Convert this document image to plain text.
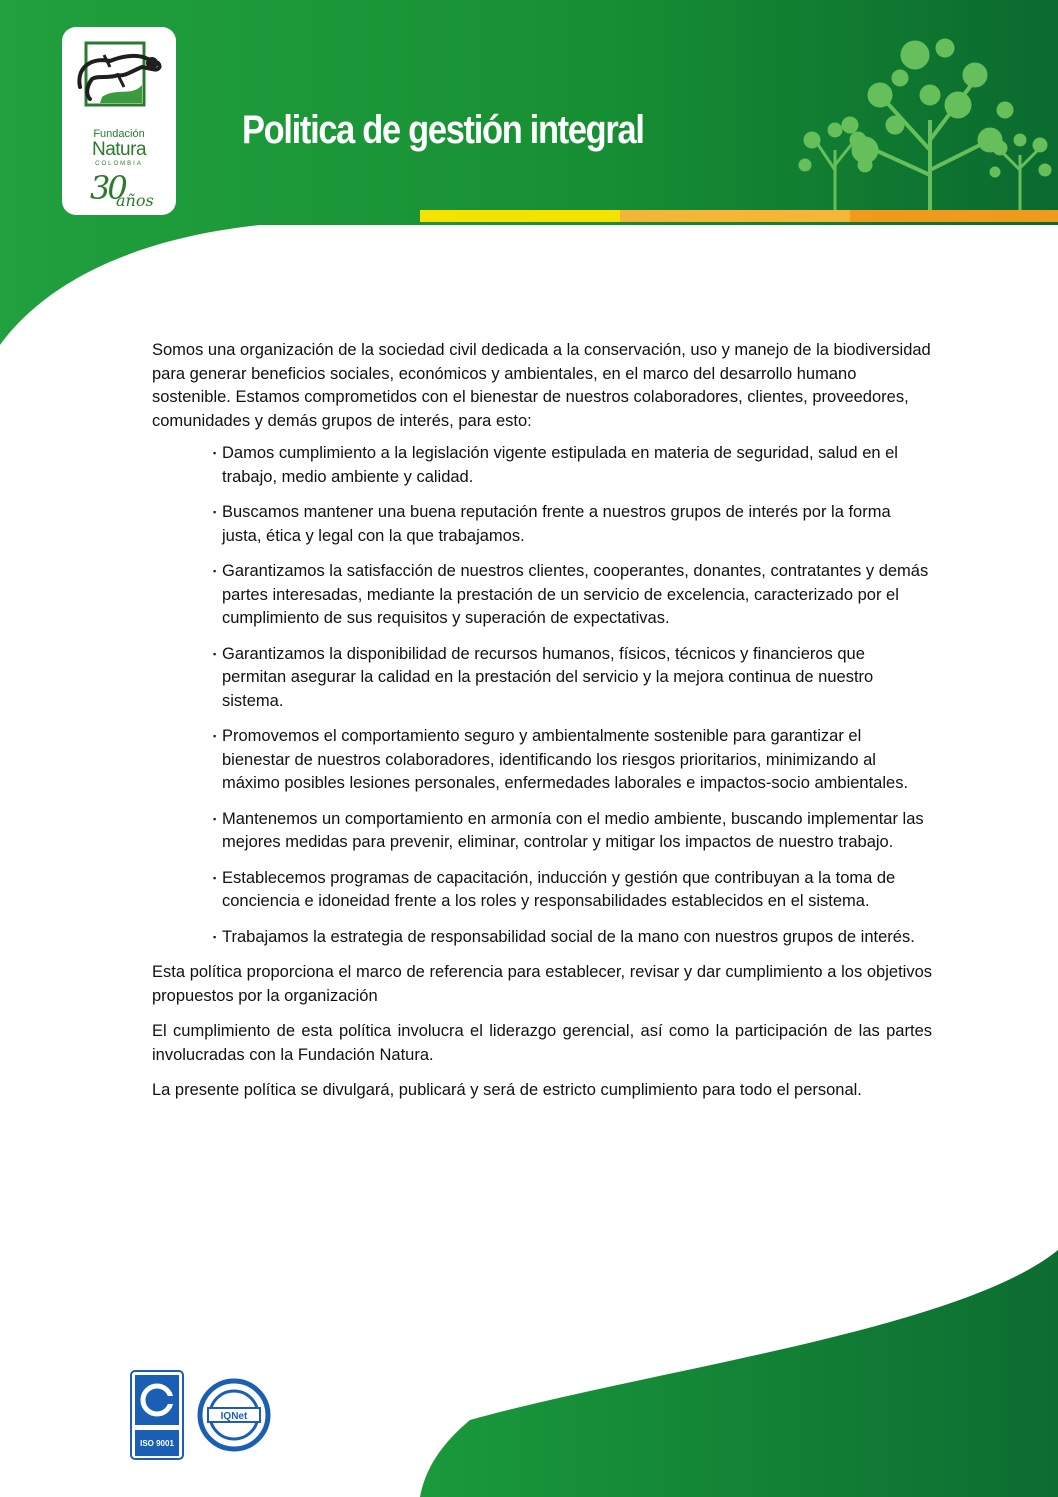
Fundación
Natura
COLOMBIA
30
años
Politica de gestión integral

Somos una organización de la sociedad civil dedicada a la conservación, uso y manejo de la biodiversidad para generar beneficios sociales, económicos y ambientales, en el marco del desarrollo humano sostenible. Estamos comprometidos con el bienestar de nuestros colaboradores, clientes, proveedores, comunidades y demás grupos de interés, para esto:

▪ Damos cumplimiento a la legislación vigente estipulada en materia de seguridad, salud en el trabajo, medio ambiente y calidad.
▪ Buscamos mantener una buena reputación frente a nuestros grupos de interés por la forma justa, ética y legal con la que trabajamos.
▪ Garantizamos la satisfacción de nuestros clientes, cooperantes, donantes, contratantes y demás partes interesadas, mediante la prestación de un servicio de excelencia, caracterizado por el cumplimiento de sus requisitos y superación de expectativas.
▪ Garantizamos la disponibilidad de recursos humanos, físicos, técnicos y financieros que permitan asegurar la calidad en la prestación del servicio y la mejora continua de nuestro sistema.
▪ Promovemos el comportamiento seguro y ambientalmente sostenible para garantizar el bienestar de nuestros colaboradores, identificando los riesgos prioritarios, minimizando al máximo posibles lesiones personales, enfermedades laborales e impactos-socio ambientales.
▪ Mantenemos un comportamiento en armonía con el medio ambiente, buscando implementar las mejores medidas para prevenir, eliminar, controlar y mitigar los impactos de nuestro trabajo.
▪ Establecemos programas de capacitación, inducción y gestión que contribuyan a la toma de conciencia e idoneidad frente a los roles y responsabilidades establecidos en el sistema.
▪ Trabajamos la estrategia de responsabilidad social de la mano con nuestros grupos de interés.

Esta política proporciona el marco de referencia para establecer, revisar y dar cumplimiento a los objetivos propuestos por la organización

El cumplimiento de esta política involucra el liderazgo gerencial, así como la participación de las partes involucradas con la Fundación Natura.

La presente política se divulgará, publicará y será de estricto cumplimiento para todo el personal.

ISO 9001
IQNet
